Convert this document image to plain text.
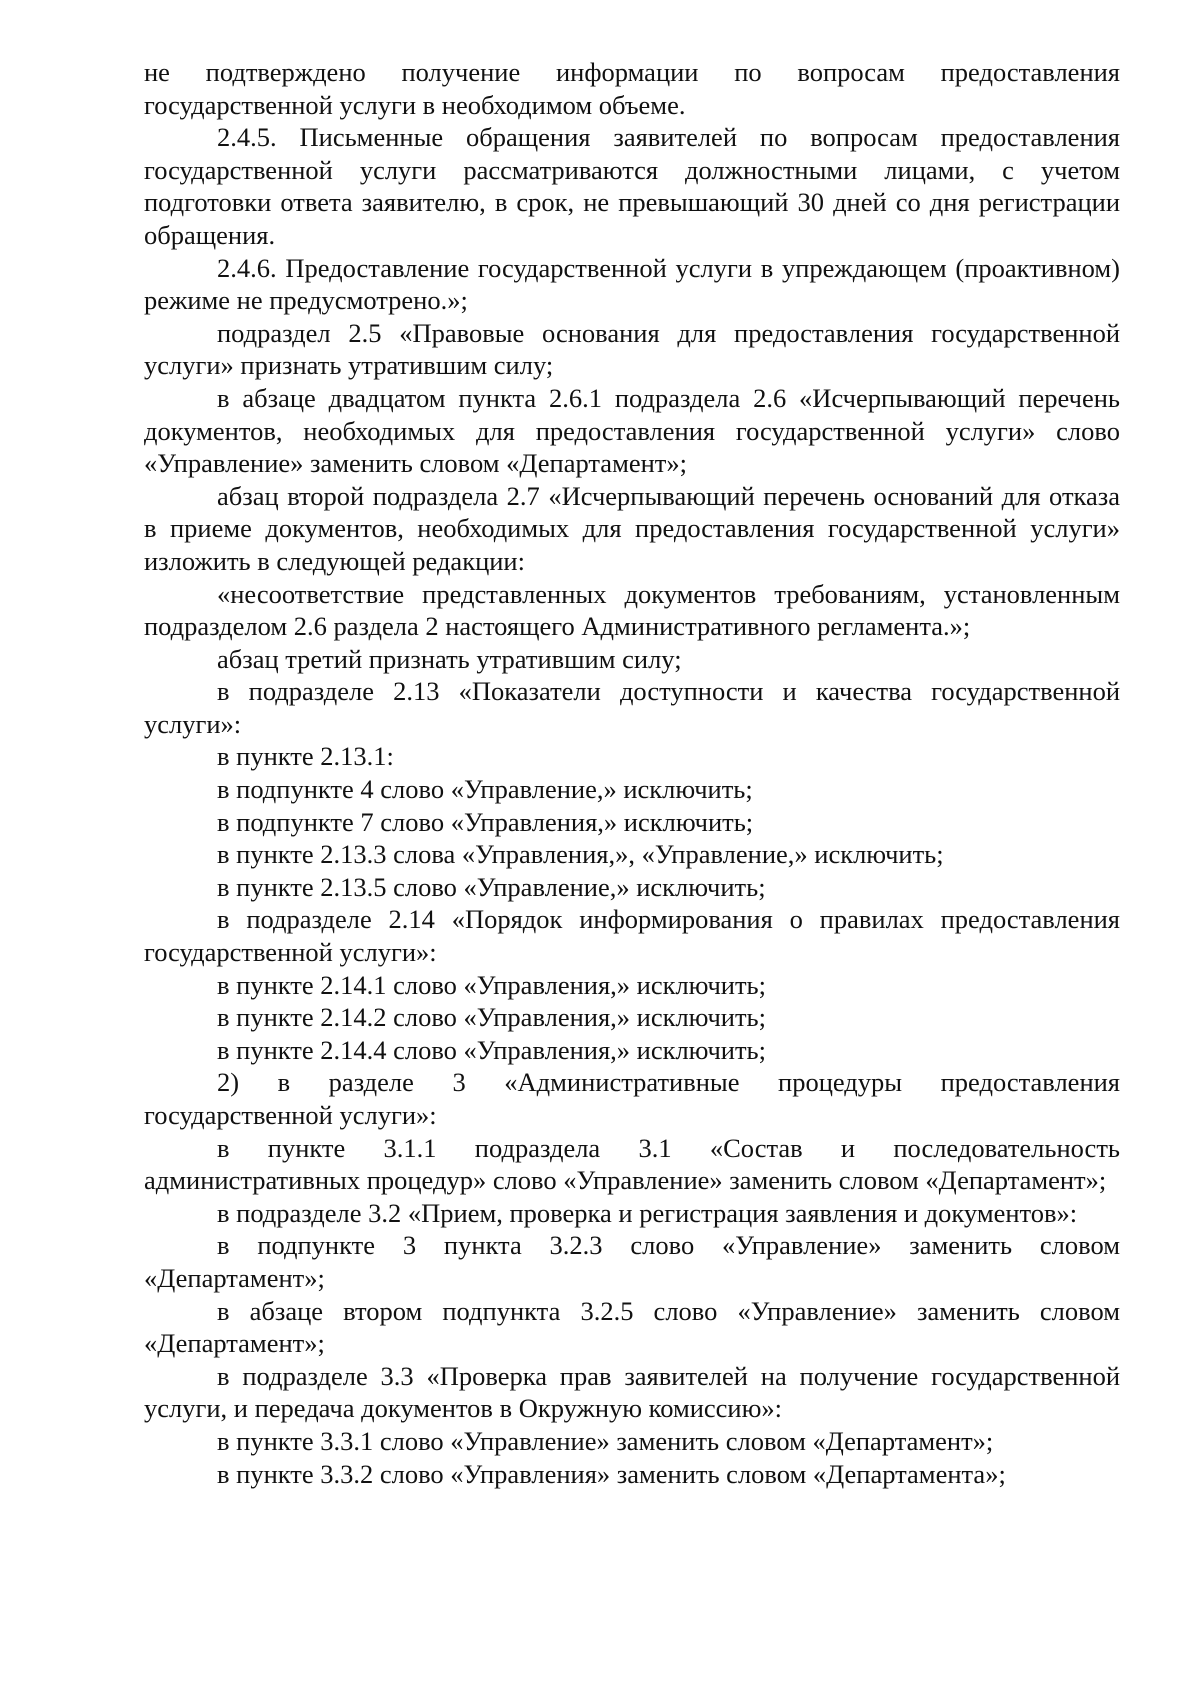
не подтверждено получение информации по вопросам предоставления государственной услуги в необходимом объеме.

2.4.5. Письменные обращения заявителей по вопросам предоставления государственной услуги рассматриваются должностными лицами, с учетом подготовки ответа заявителю, в срок, не превышающий 30 дней со дня регистрации обращения.

2.4.6. Предоставление государственной услуги в упреждающем (проактивном) режиме не предусмотрено.»;

подраздел 2.5 «Правовые основания для предоставления государственной услуги» признать утратившим силу;

в абзаце двадцатом пункта 2.6.1 подраздела 2.6 «Исчерпывающий перечень документов, необходимых для предоставления государственной услуги» слово «Управление» заменить словом «Департамент»;

абзац второй подраздела 2.7 «Исчерпывающий перечень оснований для отказа в приеме документов, необходимых для предоставления государственной услуги» изложить в следующей редакции:

«несоответствие представленных документов требованиям, установленным подразделом 2.6 раздела 2 настоящего Административного регламента.»;

абзац третий признать утратившим силу;

в подразделе 2.13 «Показатели доступности и качества государственной услуги»:

в пункте 2.13.1:

в подпункте 4 слово «Управление,» исключить;

в подпункте 7 слово «Управления,» исключить;

в пункте 2.13.3 слова «Управления,», «Управление,» исключить;

в пункте 2.13.5 слово «Управление,» исключить;

в подразделе 2.14 «Порядок информирования о правилах предоставления государственной услуги»:

в пункте 2.14.1 слово «Управления,» исключить;

в пункте 2.14.2 слово «Управления,» исключить;

в пункте 2.14.4 слово «Управления,» исключить;

2) в разделе 3 «Административные процедуры предоставления государственной услуги»:

в пункте 3.1.1 подраздела 3.1 «Состав и последовательность административных процедур» слово «Управление» заменить словом «Департамент»;

в подразделе 3.2 «Прием, проверка и регистрация заявления и документов»:

в подпункте 3 пункта 3.2.3 слово «Управление» заменить словом «Департамент»;

в абзаце втором подпункта 3.2.5 слово «Управление» заменить словом «Департамент»;

в подразделе 3.3 «Проверка прав заявителей на получение государственной услуги, и передача документов в Окружную комиссию»:

в пункте 3.3.1 слово «Управление» заменить словом «Департамент»;

в пункте 3.3.2 слово «Управления» заменить словом «Департамента»;
